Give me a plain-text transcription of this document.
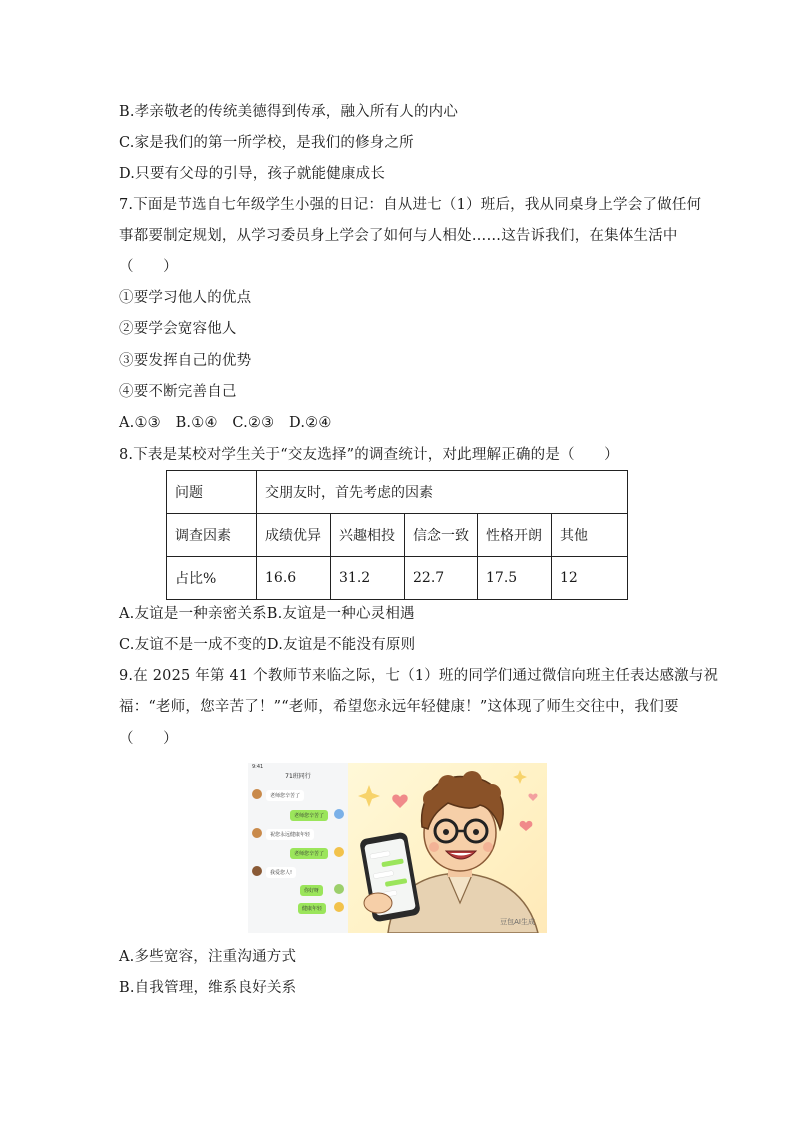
B.孝亲敬老的传统美德得到传承，融入所有人的内心
C.家是我们的第一所学校，是我们的修身之所
D.只要有父母的引导，孩子就能健康成长
7.下面是节选自七年级学生小强的日记：自从进七（1）班后，我从同桌身上学会了做任何
事都要制定规划，从学习委员身上学会了如何与人相处……这告诉我们，在集体生活中
（　　）
①要学习他人的优点
②要学会宽容他人
③要发挥自己的优势
④要不断完善自己
A.①③　B.①④　C.②③　D.②④
8.下表是某校对学生关于“交友选择”的调查统计，对此理解正确的是（　　）
问题	交朋友时，首先考虑的因素				
调查因素	成绩优异	兴趣相投	信念一致	性格开朗	其他
占比%	16.6	31.2	22.7	17.5	12
A.友谊是一种亲密关系B.友谊是一种心灵相遇
C.友谊不是一成不变的D.友谊是不能没有原则
9.在 2025 年第 41 个教师节来临之际，七（1）班的同学们通过微信向班主任表达感激与祝
福：“老师，您辛苦了！”“老师，希望您永远年轻健康！”这体现了师生交往中，我们要
（　　）
9:41
71班同行
老师您辛苦了
老师您辛苦了
祝您永远健康年轻
老师您辛苦了
我爱您人!
你好呀
健康年轻
豆包AI生成
A.多些宽容，注重沟通方式
B.自我管理，维系良好关系
